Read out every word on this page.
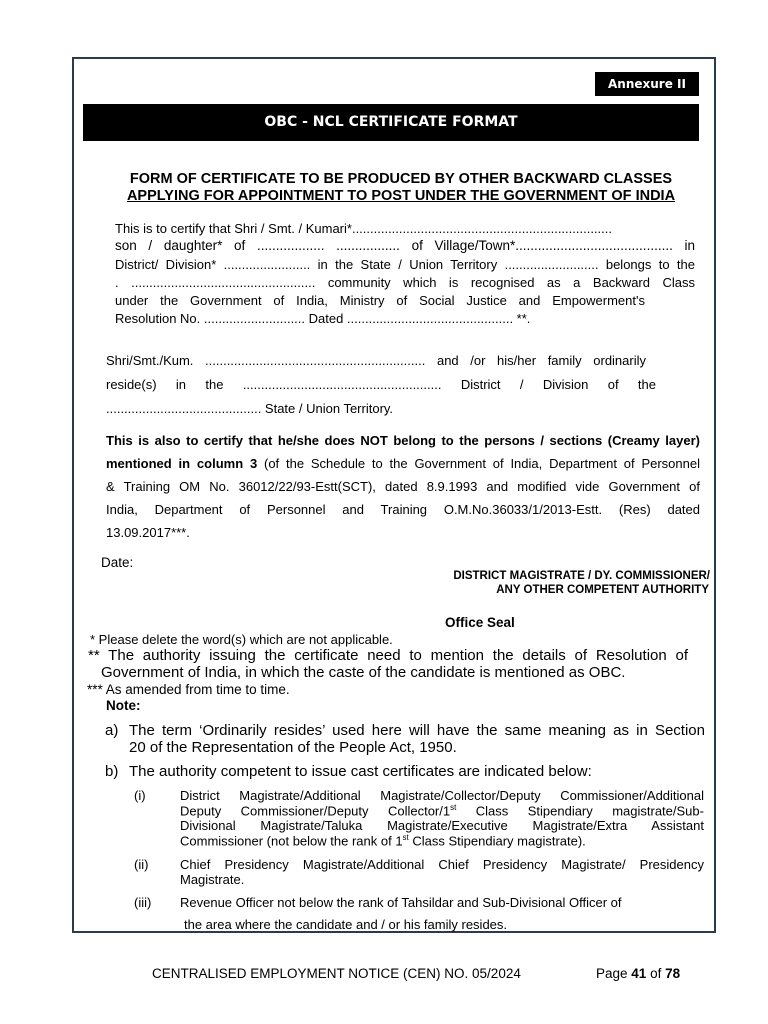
Annexure II
OBC - NCL CERTIFICATE FORMAT
FORM OF CERTIFICATE TO BE PRODUCED BY OTHER BACKWARD CLASSES
APPLYING FOR APPOINTMENT TO POST UNDER THE GOVERNMENT OF INDIA
This is to certify that Shri / Smt. / Kumari*........................................................................
son / daughter* of .................. ................. of Village/Town*.......................................... in
District/ Division* ........................ in the State / Union Territory .......................... belongs to the
. ................................................... community which is recognised as a Backward Class
under the Government of India, Ministry of Social Justice and Empowerment's
Resolution No. ............................ Dated .............................................. **.
Shri/Smt./Kum. ............................................................. and /or his/her family ordinarily
reside(s) in the ....................................................... District / Division of the
........................................... State / Union Territory.
This is also to certify that he/she does NOT belong to the persons / sections (Creamy layer)
mentioned in column 3 (of the Schedule to the Government of India, Department of Personnel
& Training OM No. 36012/22/93-Estt(SCT), dated 8.9.1993 and modified vide Government of
India, Department of Personnel and Training O.M.No.36033/1/2013-Estt. (Res) dated
13.09.2017***.
Date:
DISTRICT MAGISTRATE / DY. COMMISSIONER/
ANY OTHER COMPETENT AUTHORITY
Office Seal
* Please delete the word(s) which are not applicable.
** The authority issuing the certificate need to mention the details of Resolution of
Government of India, in which the caste of the candidate is mentioned as OBC.
*** As amended from time to time.
Note:
a) The term ‘Ordinarily resides’ used here will have the same meaning as in Section
20 of the Representation of the People Act, 1950.
b) The authority competent to issue cast certificates are indicated below:
(i)	District Magistrate/Additional Magistrate/Collector/Deputy Commissioner/Additional
Deputy Commissioner/Deputy Collector/1st Class Stipendiary magistrate/Sub-
Divisional Magistrate/Taluka Magistrate/Executive Magistrate/Extra Assistant
Commissioner (not below the rank of 1st Class Stipendiary magistrate).
(ii) Chief Presidency Magistrate/Additional Chief Presidency Magistrate/ Presidency
Magistrate.
(iii) Revenue Officer not below the rank of Tahsildar and Sub-Divisional Officer of
the area where the candidate and / or his family resides.
CENTRALISED EMPLOYMENT NOTICE (CEN) NO. 05/2024	Page 41 of 78
